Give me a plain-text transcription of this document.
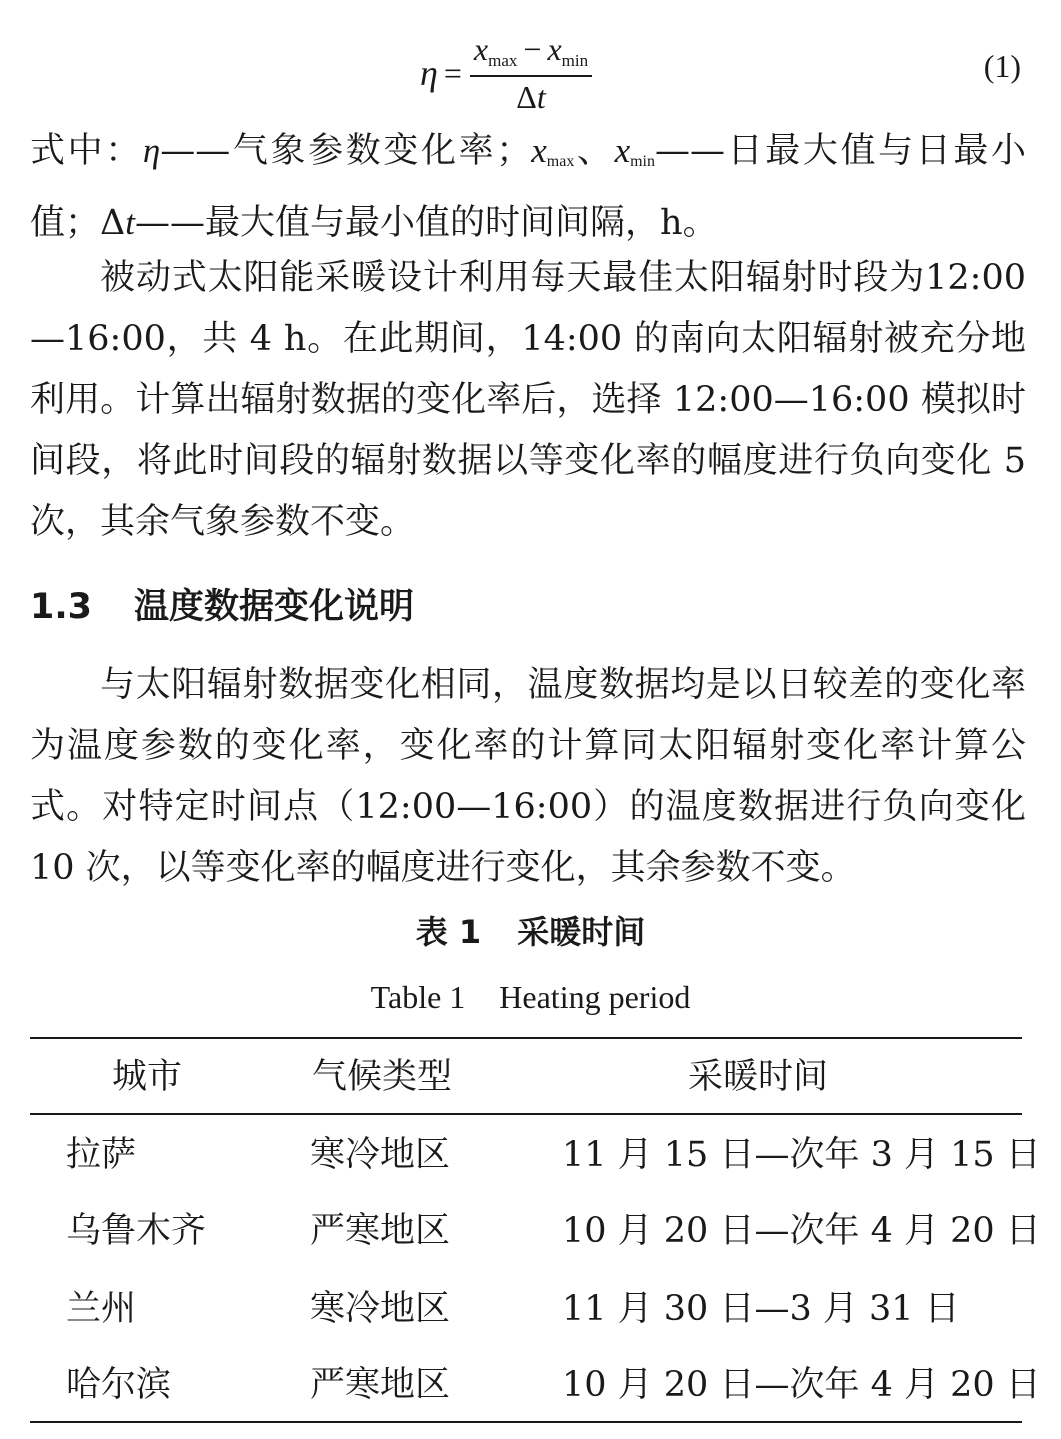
$\eta = \frac{x_{max} - x_{min}}{\Delta t}$	(1)

式中：η——气象参数变化率；$x_{max}$、$x_{min}——$日最大值与日最小值；Δt——最大值与最小值的时间间隔，h。

被动式太阳能采暖设计利用每天最佳太阳辐射时段为12:00—16:00，共 4 h。在此期间，14:00 的南向太阳辐射被充分地利用。计算出辐射数据的变化率后，选择 12:00—16:00 模拟时间段，将此时间段的辐射数据以等变化率的幅度进行负向变化 5 次，其余气象参数不变。

1.3 温度数据变化说明

与太阳辐射数据变化相同，温度数据均是以日较差的变化率为温度参数的变化率，变化率的计算同太阳辐射变化率计算公式。对特定时间点（12:00—16:00）的温度数据进行负向变化 10 次，以等变化率的幅度进行变化，其余参数不变。

表 1 采暖时间
Table 1 Heating period
城市	气候类型	采暖时间
拉萨	寒冷地区	11 月 15 日—次年 3 月 15 日
乌鲁木齐	严寒地区	10 月 20 日—次年 4 月 20 日
兰州	寒冷地区	11 月 30 日—3 月 31 日
哈尔滨	严寒地区	10 月 20 日—次年 4 月 20 日
